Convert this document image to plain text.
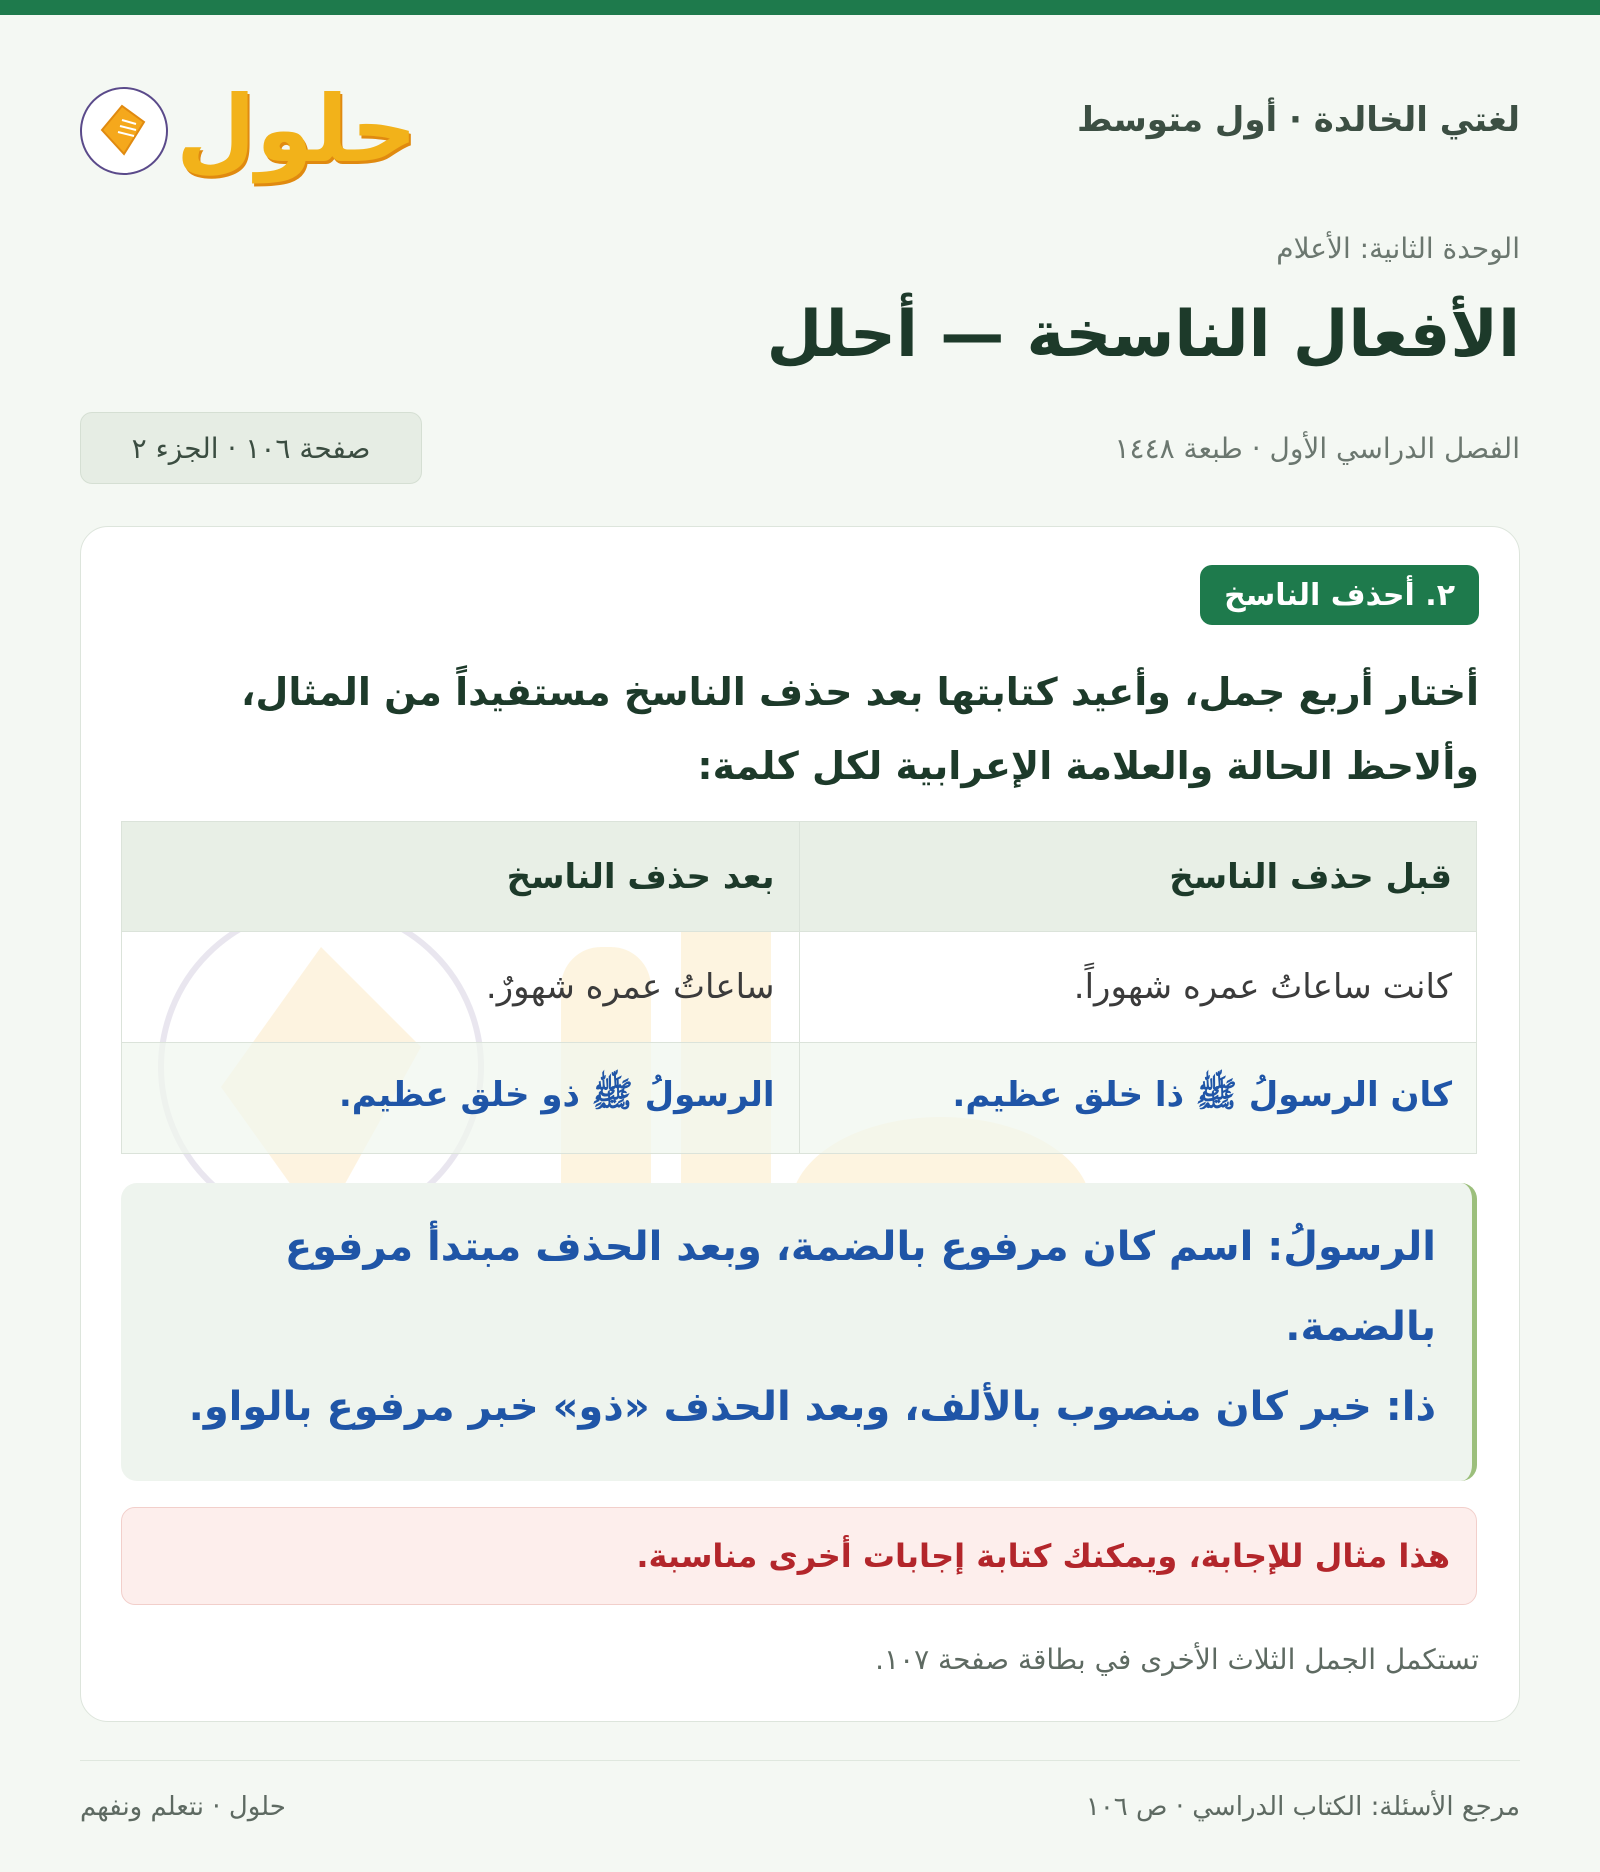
لغتي الخالدة · أول متوسط
حلول
الوحدة الثانية: الأعلام
الأفعال الناسخة — أحلل
الفصل الدراسي الأول · طبعة ١٤٤٨
صفحة ١٠٦ · الجزء ٢
٢. أحذف الناسخ

أختار أربع جمل، وأعيد كتابتها بعد حذف الناسخ مستفيداً من المثال، وألاحظ الحالة والعلامة الإعرابية لكل كلمة:

قبل حذف الناسخ	بعد حذف الناسخ
كانت ساعاتُ عمره شهوراً.	ساعاتُ عمره شهورٌ.
كان الرسولُ ﷺ ذا خلق عظيم.	الرسولُ ﷺ ذو خلق عظيم.

الرسولُ: اسم كان مرفوع بالضمة، وبعد الحذف مبتدأ مرفوع بالضمة.

ذا: خبر كان منصوب بالألف، وبعد الحذف «ذو» خبر مرفوع بالواو.

هذا مثال للإجابة، ويمكنك كتابة إجابات أخرى مناسبة.
تستكمل الجمل الثلاث الأخرى في بطاقة صفحة ١٠٧.
مرجع الأسئلة: الكتاب الدراسي · ص ١٠٦
حلول · نتعلم ونفهم
